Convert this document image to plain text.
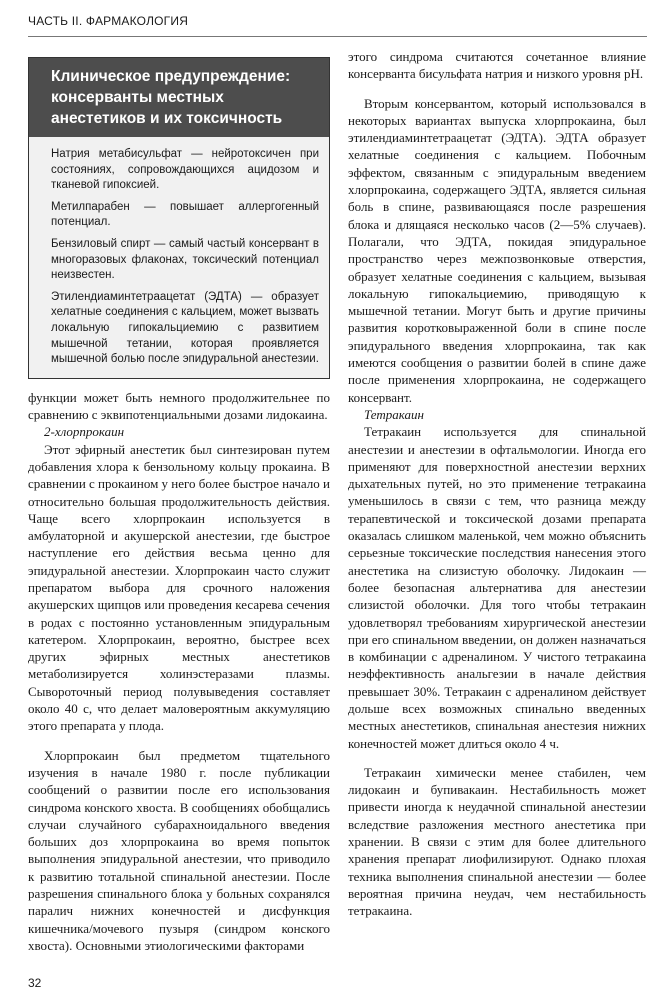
ЧАСТЬ II. ФАРМАКОЛОГИЯ
Клиническое предупреждение: консерванты местных анестетиков и их токсичность

Натрия метабисульфат — нейротоксичен при состояниях, сопровождающихся ацидозом и тканевой гипоксией.

Метилпарабен — повышает аллергогенный потенциал.

Бензиловый спирт — самый частый консервант в многоразовых флаконах, токсический потенциал неизвестен.

Этилендиаминтетраацетат (ЭДТА) — образует хелатные соединения с кальцием, может вызвать локальную гипокальциемию с развитием мышечной тетании, которая проявляется мышечной болью после эпидуральной анестезии.

функции может быть немного продолжительнее по сравнению с эквипотенциальными дозами лидокаина.

2-хлорпрокаин

Этот эфирный анестетик был синтезирован путем добавления хлора к бензольному кольцу прокаина. В сравнении с прокаином у него более быстрое начало и относительно большая продолжительность действия. Чаще всего хлорпрокаин используется в амбулаторной и акушерской анестезии, где быстрое наступление его действия весьма ценно для эпидуральной анестезии. Хлорпрокаин часто служит препаратом выбора для срочного наложения акушерских щипцов или проведения кесарева сечения в родах с постоянно установленным эпидуральным катетером. Хлорпрокаин, вероятно, быстрее всех других эфирных местных анестетиков метаболизируется холинэстеразами плазмы. Сывороточный период полувыведения составляет около 40 с, что делает маловероятным аккумуляцию этого препарата у плода.

Хлорпрокаин был предметом тщательного изучения в начале 1980 г. после публикации сообщений о развитии после его использования синдрома конского хвоста. В сообщениях обобщались случаи случайного субарахноидального введения больших доз хлорпрокаина во время попыток выполнения эпидуральной анестезии, что приводило к развитию тотальной спинальной анестезии. После разрешения спинального блока у больных сохранялся паралич нижних конечностей и дисфункция кишечника/мочевого пузыря (синдром конского хвоста). Основными этиологическими факторами

этого синдрома считаются сочетанное влияние консерванта бисульфата натрия и низкого уровня pH.

Вторым консервантом, который использовался в некоторых вариантах выпуска хлорпрокаина, был этилендиаминтетраацетат (ЭДТА). ЭДТА образует хелатные соединения с кальцием. Побочным эффектом, связанным с эпидуральным введением хлорпрокаина, содержащего ЭДТА, является сильная боль в спине, развивающаяся после разрешения блока и длящаяся несколько часов (2—5% случаев). Полагали, что ЭДТА, покидая эпидуральное пространство через межпозвонковые отверстия, образует хелатные соединения с кальцием, вызывая локальную гипокальциемию, приводящую к мышечной тетании. Могут быть и другие причины развития коротковыраженной боли в спине после эпидурального введения хлорпрокаина, так как имеются сообщения о развитии болей в спине даже после применения хлорпрокаина, не содержащего консервант.

Тетракаин

Тетракаин используется для спинальной анестезии и анестезии в офтальмологии. Иногда его применяют для поверхностной анестезии верхних дыхательных путей, но это применение тетракаина уменьшилось в связи с тем, что разница между терапевтической и токсической дозами препарата оказалась слишком маленькой, чем можно объяснить серьезные токсические последствия нанесения этого анестетика на слизистую оболочку. Лидокаин — более безопасная альтернатива для анестезии слизистой оболочки. Для того чтобы тетракаин удовлетворял требованиям хирургической анестезии при его спинальном введении, он должен назначаться в комбинации с адреналином. У чистого тетракаина неэффективность анальгезии в начале действия превышает 30%. Тетракаин с адреналином действует дольше всех возможных спинально введенных местных анестетиков, спинальная анестезия нижних конечностей может длиться около 4 ч.

Тетракаин химически менее стабилен, чем лидокаин и бупивакаин. Нестабильность может привести иногда к неудачной спинальной анестезии вследствие разложения местного анестетика при хранении. В связи с этим для более длительного хранения препарат лиофилизируют. Однако плохая техника выполнения спинальной анестезии — более вероятная причина неудач, чем нестабильность тетракаина.

32
